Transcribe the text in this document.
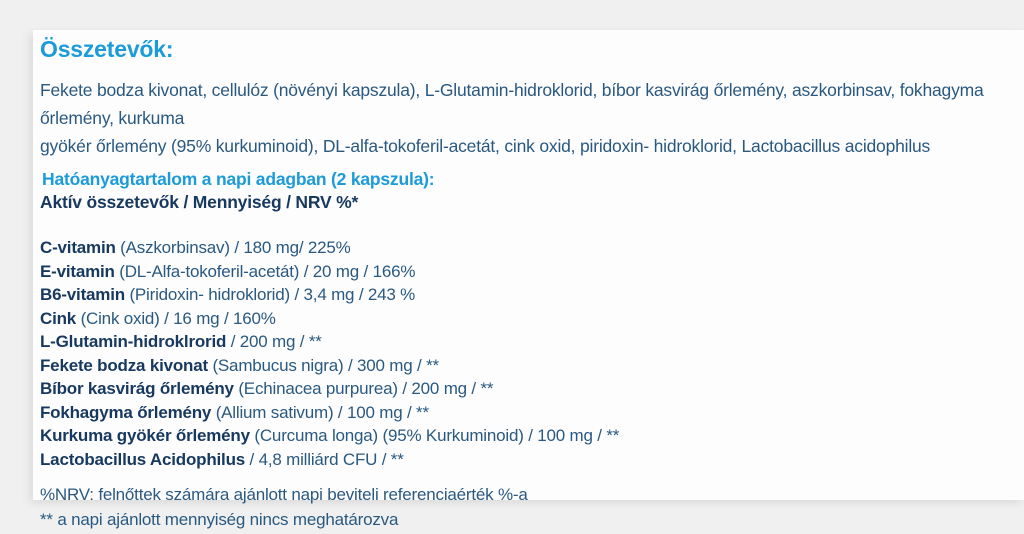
Összetevők:
Fekete bodza kivonat, cellulóz (növényi kapszula), L-Glutamin-hidroklorid, bíbor kasvirág őrlemény, aszkorbinsav, fokhagyma őrlemény, kurkuma
gyökér őrlemény (95% kurkuminoid), DL-alfa-tokoferil-acetát, cink oxid, piridoxin- hidroklorid, Lactobacillus acidophilus
Hatóanyagtartalom a napi adagban (2 kapszula):
Aktív összetevők / Mennyiség / NRV %*
C-vitamin (Aszkorbinsav) / 180 mg/ 225%
E-vitamin (DL-Alfa-tokoferil-acetát) / 20 mg / 166%
B6-vitamin (Piridoxin- hidroklorid) / 3,4 mg / 243 %
Cink (Cink oxid) / 16 mg / 160%
L-Glutamin-hidroklrorid / 200 mg / **
Fekete bodza kivonat (Sambucus nigra) / 300 mg / **
Bíbor kasvirág őrlemény (Echinacea purpurea) / 200 mg / **
Fokhagyma őrlemény (Allium sativum) / 100 mg / **
Kurkuma gyökér őrlemény (Curcuma longa) (95% Kurkuminoid) / 100 mg / **
Lactobacillus Acidophilus / 4,8 milliárd CFU / **
%NRV: felnőttek számára ajánlott napi beviteli referenciaérték %-a
** a napi ajánlott mennyiség nincs meghatározva
